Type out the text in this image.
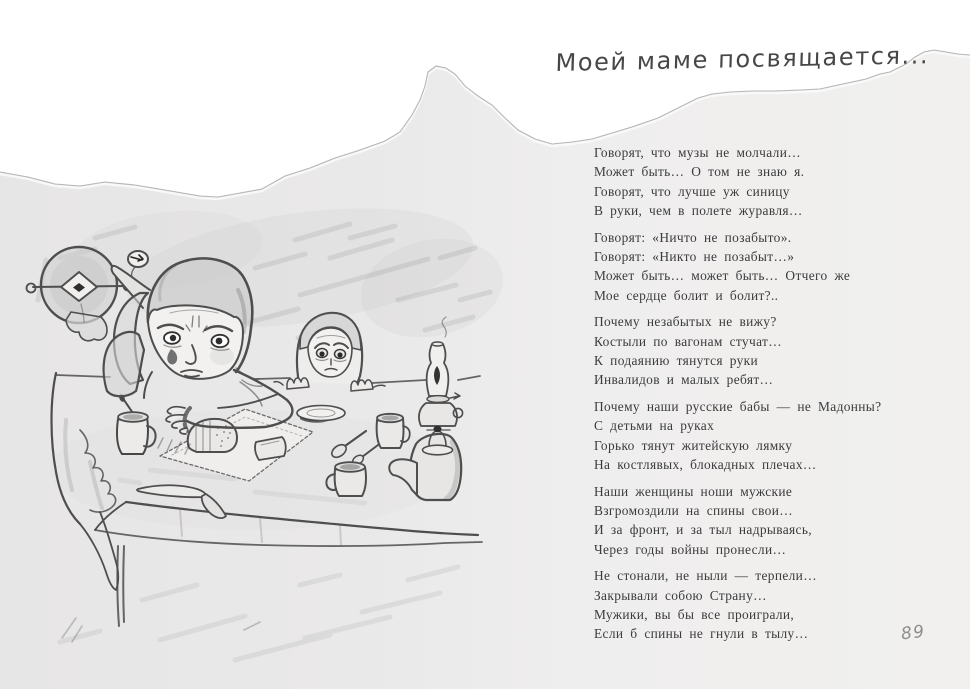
Моей маме посвящается...
Говорят, что музы не молчали…
Может быть… О том не знаю я.
Говорят, что лучше уж синицу
В руки, чем в полете журавля…
Говорят: «Ничто не позабыто».
Говорят: «Никто не позабыт…»
Может быть… может быть… Отчего же
Мое сердце болит и болит?..
Почему незабытых не вижу?
Костыли по вагонам стучат…
К подаянию тянутся руки
Инвалидов и малых ребят…
Почему наши русские бабы — не Мадонны?
С детьми на руках
Горько тянут житейскую лямку
На костлявых, блокадных плечах…
Наши женщины ноши мужские
Взгромоздили на спины свои…
И за фронт, и за тыл надрываясь,
Через годы войны пронесли…
Не стонали, не ныли — терпели…
Закрывали собою Страну…
Мужики, вы бы все проиграли,
Если б спины не гнули в тылу…	89
